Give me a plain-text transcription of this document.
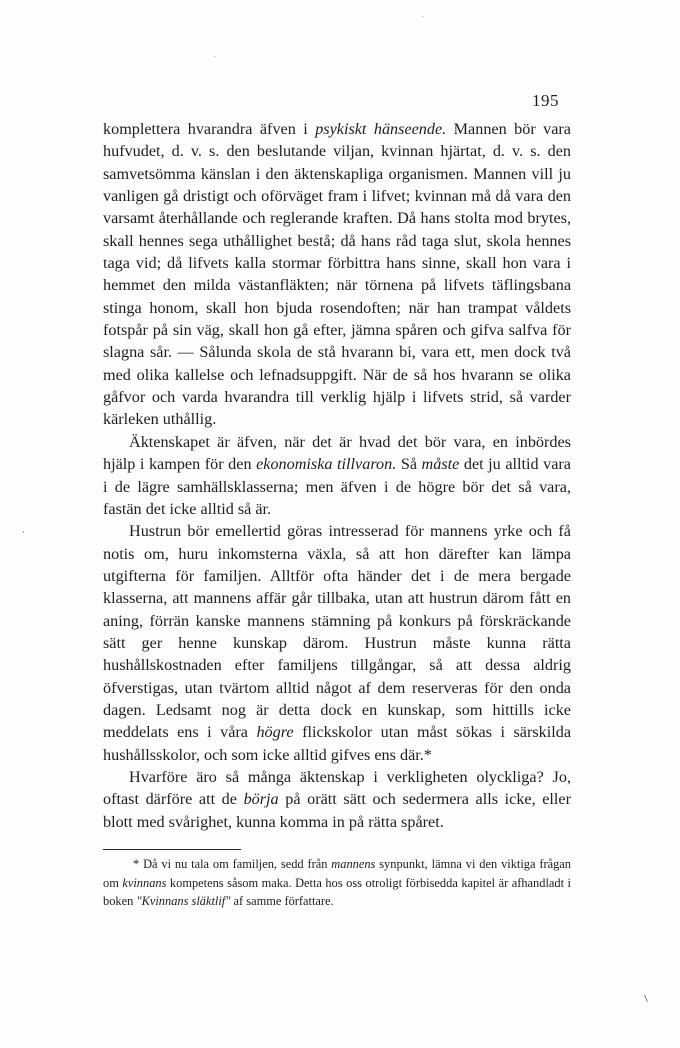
195

komplettera hvarandra äfven i psykiskt hänseende. Mannen bör vara hufvudet, d. v. s. den beslutande viljan, kvinnan hjärtat, d. v. s. den samvetsömma känslan i den äktenskapliga organismen. Mannen vill ju vanligen gå dristigt och oförväget fram i lifvet; kvinnan må då vara den varsamt återhållande och reglerande kraften. Då hans stolta mod brytes, skall hennes sega uthållighet bestå; då hans råd taga slut, skola hennes taga vid; då lifvets kalla stormar förbittra hans sinne, skall hon vara i hemmet den milda västanfläkten; när törnena på lifvets täflingsbana stinga honom, skall hon bjuda rosendoften; när han trampat våldets fotspår på sin väg, skall hon gå efter, jämna spåren och gifva salfva för slagna sår. — Sålunda skola de stå hvarann bi, vara ett, men dock två med olika kallelse och lefnadsuppgift. När de så hos hvarann se olika gåfvor och varda hvarandra till verklig hjälp i lifvets strid, så varder kärleken uthållig.

Äktenskapet är äfven, när det är hvad det bör vara, en inbördes hjälp i kampen för den ekonomiska tillvaron. Så måste det ju alltid vara i de lägre samhällsklasserna; men äfven i de högre bör det så vara, fastän det icke alltid så är.

Hustrun bör emellertid göras intresserad för mannens yrke och få notis om, huru inkomsterna växla, så att hon därefter kan lämpa utgifterna för familjen. Alltför ofta händer det i de mera bergade klasserna, att mannens affär går tillbaka, utan att hustrun därom fått en aning, förrän kanske mannens stämning på konkurs på förskräckande sätt ger henne kunskap därom. Hustrun måste kunna rätta hushållskostnaden efter familjens tillgångar, så att dessa aldrig öfverstigas, utan tvärtom alltid något af dem reserveras för den onda dagen. Ledsamt nog är detta dock en kunskap, som hittills icke meddelats ens i våra högre flickskolor utan måst sökas i särskilda hushållsskolor, och som icke alltid gifves ens där.*

Hvarföre äro så många äktenskap i verkligheten olyckliga? Jo, oftast därföre att de börja på orätt sätt och sedermera alls icke, eller blott med svårighet, kunna komma in på rätta spåret.

* Då vi nu tala om familjen, sedd från mannens synpunkt, lämna vi den viktiga frågan om kvinnans kompetens såsom maka. Detta hos oss otroligt förbisedda kapitel är afhandladt i boken "Kvinnans släktlif" af samme författare.

·
·
·
/
